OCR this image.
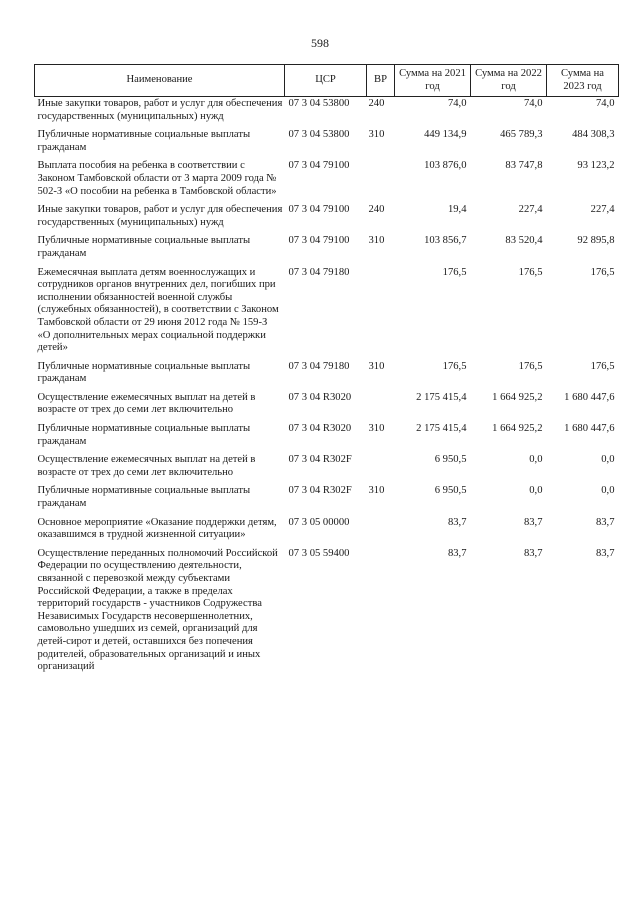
598
Наименование	ЦСР	ВР	Сумма на 2021 год	Сумма на 2022 год	Сумма на 2023 год
Иные закупки товаров, работ и услуг для обеспечения государственных (муниципальных) нужд	07 3 04 53800	240	74,0	74,0	74,0
Публичные нормативные социальные выплаты гражданам	07 3 04 53800	310	449 134,9	465 789,3	484 308,3
Выплата пособия на ребенка в соответствии с Законом Тамбовской области от 3 марта 2009 года № 502-З «О пособии на ребенка в Тамбовской области»	07 3 04 79100		103 876,0	83 747,8	93 123,2
Иные закупки товаров, работ и услуг для обеспечения государственных (муниципальных) нужд	07 3 04 79100	240	19,4	227,4	227,4
Публичные нормативные социальные выплаты гражданам	07 3 04 79100	310	103 856,7	83 520,4	92 895,8
Ежемесячная выплата детям военнослужащих и сотрудников органов внутренних дел, погибших при исполнении обязанностей военной службы (служебных обязанностей), в соответствии с Законом Тамбовской области от 29 июня 2012 года № 159-З «О дополнительных мерах социальной поддержки детей»	07 3 04 79180		176,5	176,5	176,5
Публичные нормативные социальные выплаты гражданам	07 3 04 79180	310	176,5	176,5	176,5
Осуществление ежемесячных выплат на детей в возрасте от трех до семи лет включительно	07 3 04 R3020		2 175 415,4	1 664 925,2	1 680 447,6
Публичные нормативные социальные выплаты гражданам	07 3 04 R3020	310	2 175 415,4	1 664 925,2	1 680 447,6
Осуществление ежемесячных выплат на детей в возрасте от трех до семи лет включительно	07 3 04 R302F		6 950,5	0,0	0,0
Публичные нормативные социальные выплаты гражданам	07 3 04 R302F	310	6 950,5	0,0	0,0
Основное мероприятие «Оказание поддержки детям, оказавшимся в трудной жизненной ситуации»	07 3 05 00000		83,7	83,7	83,7
Осуществление переданных полномочий Российской Федерации по осуществлению деятельности, связанной с перевозкой между субъектами Российской Федерации, а также в пределах территорий государств - участников Содружества Независимых Государств несовершеннолетних, самовольно ушедших из семей, организаций для детей-сирот и детей, оставшихся без попечения родителей, образовательных организаций и иных организаций	07 3 05 59400		83,7	83,7	83,7
